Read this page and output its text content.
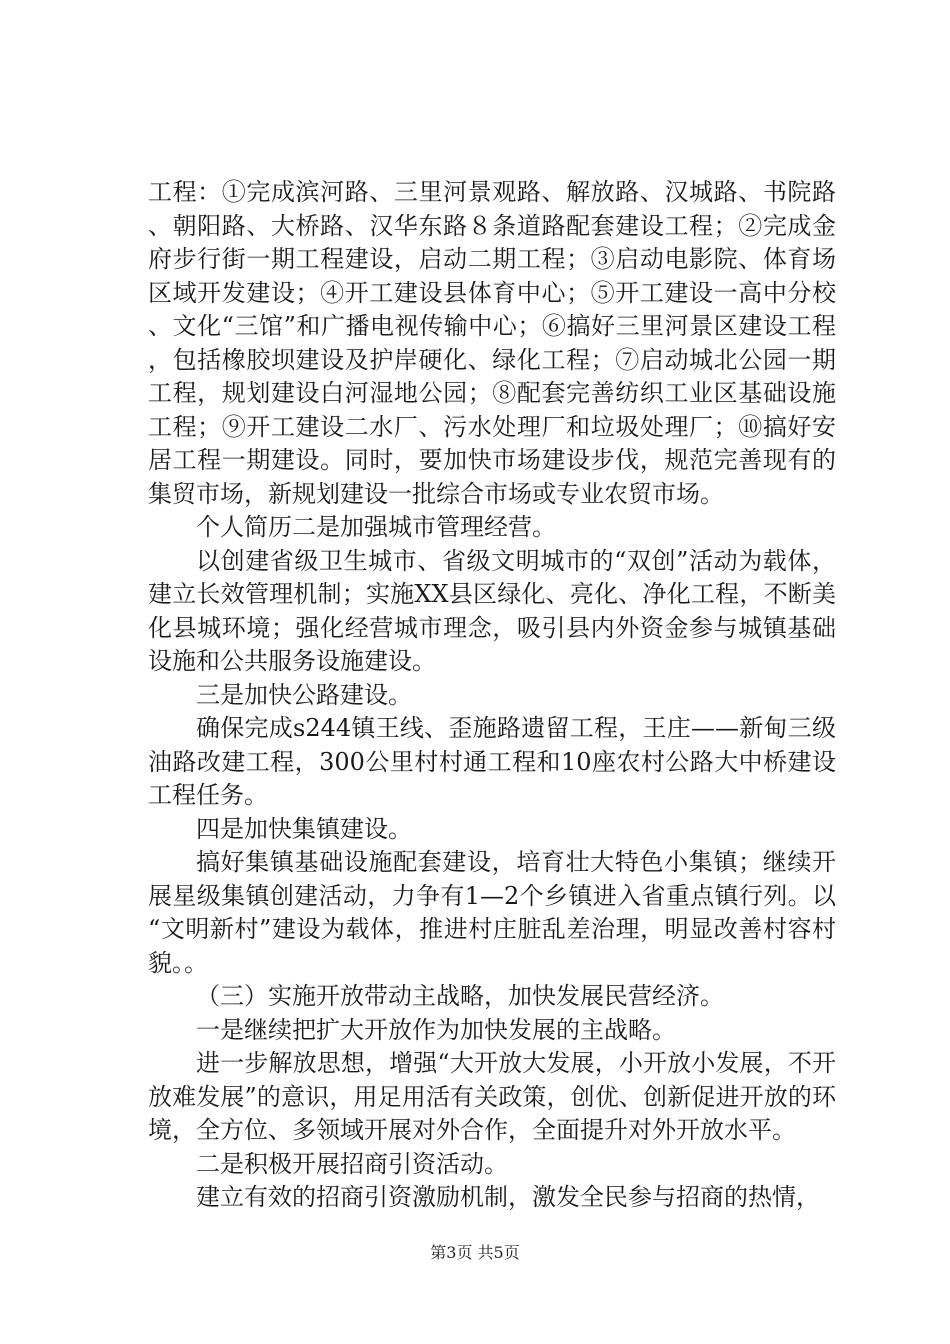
工程：①完成滨河路、三里河景观路、解放路、汉城路、书院路、朝阳路、大桥路、汉华东路８条道路配套建设工程；②完成金府步行街一期工程建设，启动二期工程；③启动电影院、体育场区域开发建设；④开工建设县体育中心；⑤开工建设一高中分校、文化“三馆”和广播电视传输中心；⑥搞好三里河景区建设工程，包括橡胶坝建设及护岸硬化、绿化工程；⑦启动城北公园一期工程，规划建设白河湿地公园；⑧配套完善纺织工业区基础设施工程；⑨开工建设二水厂、污水处理厂和垃圾处理厂；⑩搞好安居工程一期建设。同时，要加快市场建设步伐，规范完善现有的集贸市场，新规划建设一批综合市场或专业农贸市场。

个人简历二是加强城市管理经营。

以创建省级卫生城市、省级文明城市的“双创”活动为载体，建立长效管理机制；实施XX县区绿化、亮化、净化工程，不断美化县城环境；强化经营城市理念，吸引县内外资金参与城镇基础设施和公共服务设施建设。

三是加快公路建设。

确保完成s244镇王线、歪施路遗留工程，王庄——新甸三级油路改建工程，300公里村村通工程和10座农村公路大中桥建设工程任务。

四是加快集镇建设。

搞好集镇基础设施配套建设，培育壮大特色小集镇；继续开展星级集镇创建活动，力争有1—2个乡镇进入省重点镇行列。以“文明新村”建设为载体，推进村庄脏乱差治理，明显改善村容村貌。。

（三）实施开放带动主战略，加快发展民营经济。

一是继续把扩大开放作为加快发展的主战略。

进一步解放思想，增强“大开放大发展，小开放小发展，不开放难发展”的意识，用足用活有关政策，创优、创新促进开放的环境，全方位、多领域开展对外合作，全面提升对外开放水平。

二是积极开展招商引资活动。

建立有效的招商引资激励机制，激发全民参与招商的热情，

第3页 共5页
